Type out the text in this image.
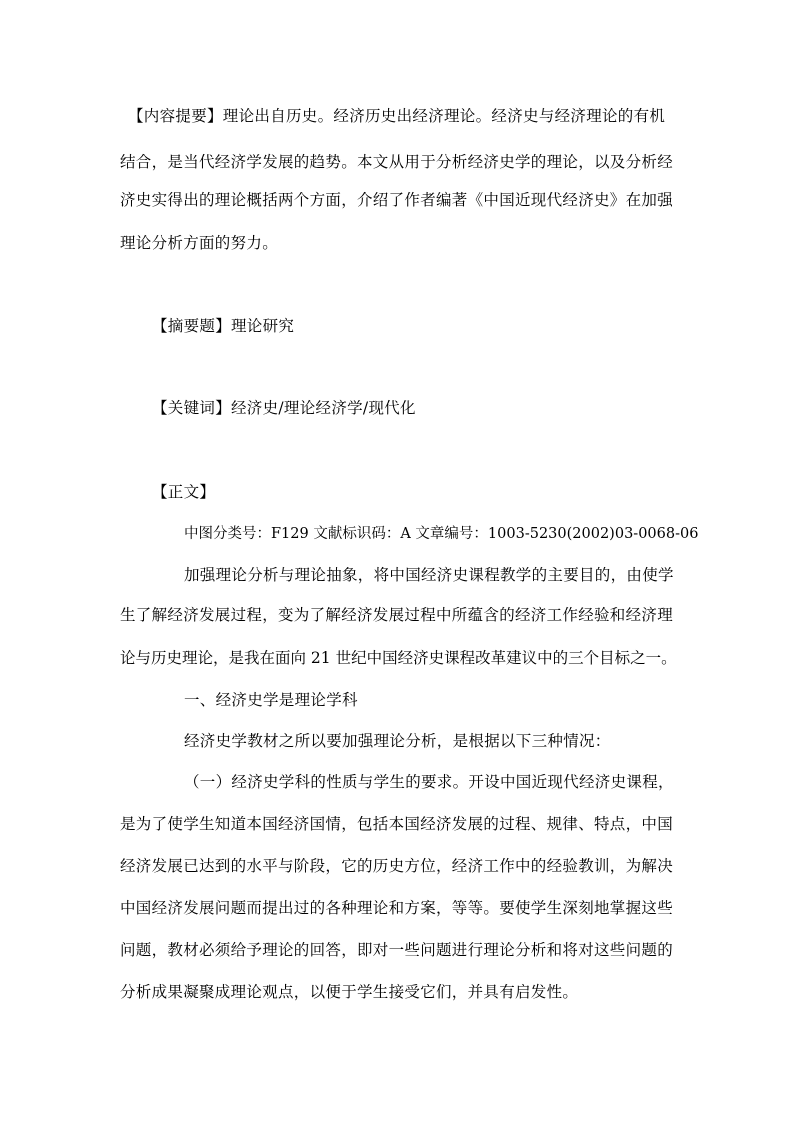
【内容提要】理论出自历史。经济历史出经济理论。经济史与经济理论的有机
结合，是当代经济学发展的趋势。本文从用于分析经济史学的理论，以及分析经
济史实得出的理论概括两个方面，介绍了作者编著《中国近现代经济史》在加强
理论分析方面的努力。
【摘要题】理论研究
【关键词】经济史/理论经济学/现代化
【正文】
中图分类号：F129 文献标识码：A 文章编号：1003-5230(2002)03-0068-06
加强理论分析与理论抽象，将中国经济史课程教学的主要目的，由使学
生了解经济发展过程，变为了解经济发展过程中所蕴含的经济工作经验和经济理
论与历史理论，是我在面向 21 世纪中国经济史课程改革建议中的三个目标之一。
一、经济史学是理论学科
经济史学教材之所以要加强理论分析，是根据以下三种情况：
（一）经济史学科的性质与学生的要求。开设中国近现代经济史课程，
是为了使学生知道本国经济国情，包括本国经济发展的过程、规律、特点，中国
经济发展已达到的水平与阶段，它的历史方位，经济工作中的经验教训，为解决
中国经济发展问题而提出过的各种理论和方案，等等。要使学生深刻地掌握这些
问题，教材必须给予理论的回答，即对一些问题进行理论分析和将对这些问题的
分析成果凝聚成理论观点，以便于学生接受它们，并具有启发性。
